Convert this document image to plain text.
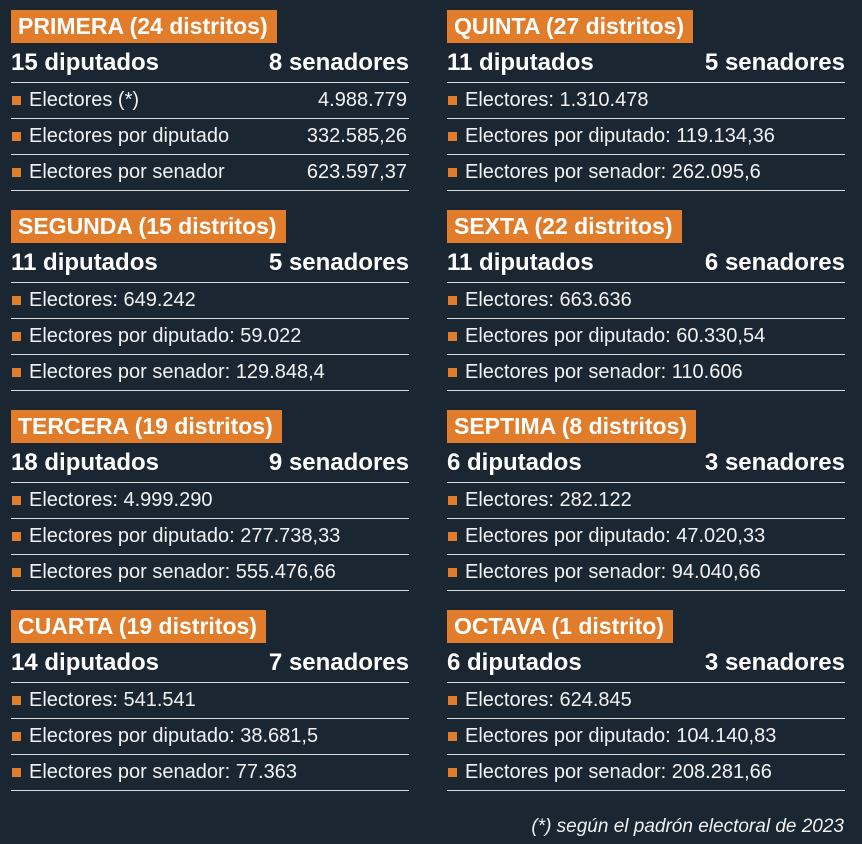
PRIMERA (24 distritos)
15 diputados	8 senadores
Electores (*)	4.988.779
Electores por diputado	332.585,26
Electores por senador	623.597,37
SEGUNDA (15 distritos)
11 diputados	5 senadores
Electores: 649.242
Electores por diputado: 59.022
Electores por senador: 129.848,4
TERCERA (19 distritos)
18 diputados	9 senadores
Electores: 4.999.290
Electores por diputado: 277.738,33
Electores por senador: 555.476,66
CUARTA (19 distritos)
14 diputados	7 senadores
Electores: 541.541
Electores por diputado: 38.681,5
Electores por senador: 77.363
QUINTA (27 distritos)
11 diputados	5 senadores
Electores: 1.310.478
Electores por diputado: 119.134,36
Electores por senador: 262.095,6
SEXTA (22 distritos)
11 diputados	6 senadores
Electores: 663.636
Electores por diputado: 60.330,54
Electores por senador: 110.606
SEPTIMA (8 distritos)
6 diputados	3 senadores
Electores: 282.122
Electores por diputado: 47.020,33
Electores por senador: 94.040,66
OCTAVA (1 distrito)
6 diputados	3 senadores
Electores: 624.845
Electores por diputado: 104.140,83
Electores por senador: 208.281,66
(*) según el padrón electoral de 2023
